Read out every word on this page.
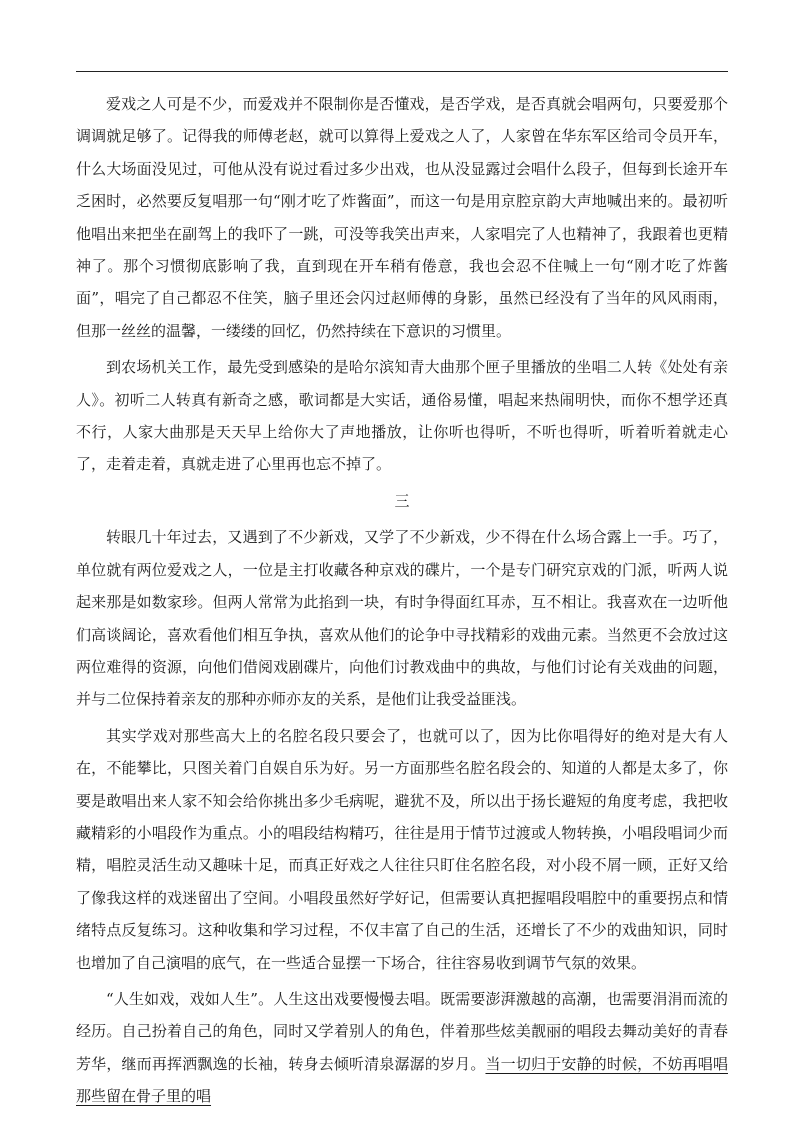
爱戏之人可是不少，而爱戏并不限制你是否懂戏，是否学戏，是否真就会唱两句，只要爱那个调调就足够了。记得我的师傅老赵，就可以算得上爱戏之人了，人家曾在华东军区给司令员开车，什么大场面没见过，可他从没有说过看过多少出戏，也从没显露过会唱什么段子，但每到长途开车乏困时，必然要反复唱那一句“刚才吃了炸酱面”，而这一句是用京腔京韵大声地喊出来的。最初听他唱出来把坐在副驾上的我吓了一跳，可没等我笑出声来，人家唱完了人也精神了，我跟着也更精神了。那个习惯彻底影响了我，直到现在开车稍有倦意，我也会忍不住喊上一句“刚才吃了炸酱面”，唱完了自己都忍不住笑，脑子里还会闪过赵师傅的身影，虽然已经没有了当年的风风雨雨，但那一丝丝的温馨，一缕缕的回忆，仍然持续在下意识的习惯里。

到农场机关工作，最先受到感染的是哈尔滨知青大曲那个匣子里播放的坐唱二人转《处处有亲人》。初听二人转真有新奇之感，歌词都是大实话，通俗易懂，唱起来热闹明快，而你不想学还真不行，人家大曲那是天天早上给你大了声地播放，让你听也得听，不听也得听，听着听着就走心了，走着走着，真就走进了心里再也忘不掉了。

三

转眼几十年过去，又遇到了不少新戏，又学了不少新戏，少不得在什么场合露上一手。巧了，单位就有两位爱戏之人，一位是主打收藏各种京戏的碟片，一个是专门研究京戏的门派，听两人说起来那是如数家珍。但两人常常为此掐到一块，有时争得面红耳赤，互不相让。我喜欢在一边听他们高谈阔论，喜欢看他们相互争执，喜欢从他们的论争中寻找精彩的戏曲元素。当然更不会放过这两位难得的资源，向他们借阅戏剧碟片，向他们讨教戏曲中的典故，与他们讨论有关戏曲的问题，并与二位保持着亲友的那种亦师亦友的关系，是他们让我受益匪浅。

其实学戏对那些高大上的名腔名段只要会了，也就可以了，因为比你唱得好的绝对是大有人在，不能攀比，只图关着门自娱自乐为好。另一方面那些名腔名段会的、知道的人都是太多了，你要是敢唱出来人家不知会给你挑出多少毛病呢，避犹不及，所以出于扬长避短的角度考虑，我把收藏精彩的小唱段作为重点。小的唱段结构精巧，往往是用于情节过渡或人物转换，小唱段唱词少而精，唱腔灵活生动又趣味十足，而真正好戏之人往往只盯住名腔名段，对小段不屑一顾，正好又给了像我这样的戏迷留出了空间。小唱段虽然好学好记，但需要认真把握唱段唱腔中的重要拐点和情绪特点反复练习。这种收集和学习过程，不仅丰富了自己的生活，还增长了不少的戏曲知识，同时也增加了自己演唱的底气，在一些适合显摆一下场合，往往容易收到调节气氛的效果。

“人生如戏，戏如人生”。人生这出戏要慢慢去唱。既需要澎湃激越的高潮，也需要涓涓而流的经历。自己扮着自己的角色，同时又学着别人的角色，伴着那些炫美靓丽的唱段去舞动美好的青春芳华，继而再挥洒飘逸的长袖，转身去倾听清泉潺潺的岁月。当一切归于安静的时候，不妨再唱唱那些留在骨子里的唱
